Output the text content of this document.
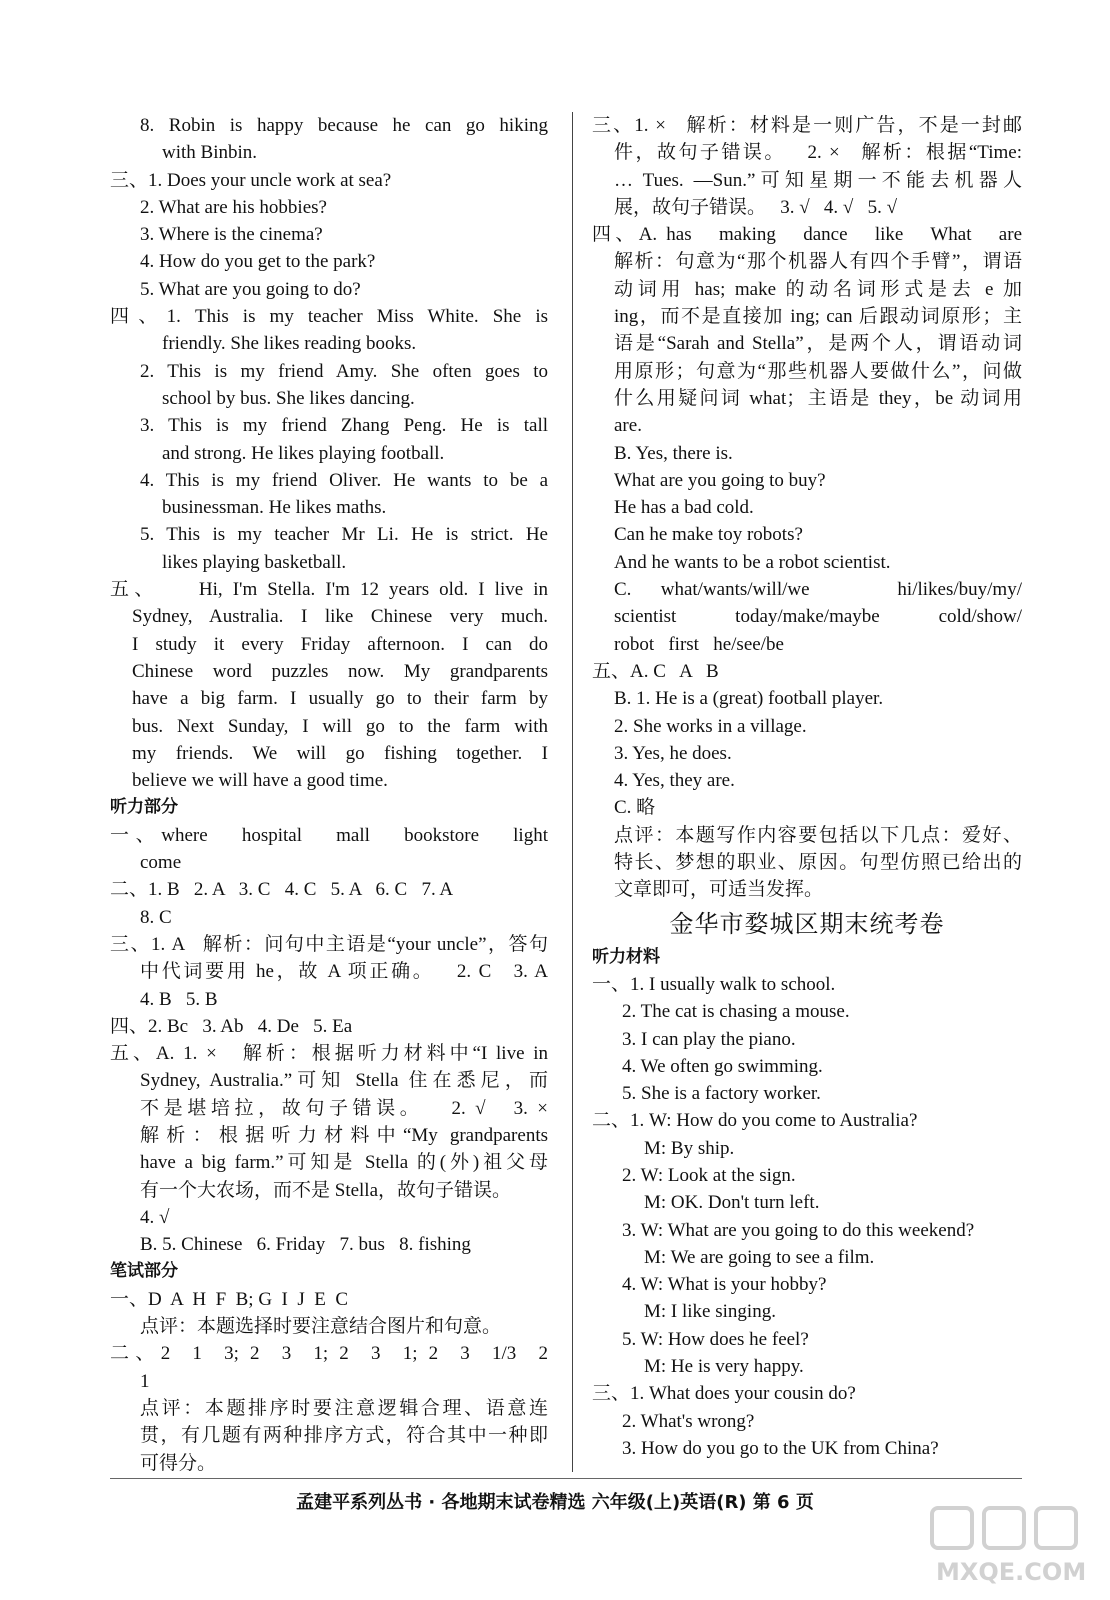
8. Robin is happy because he can go hiking
with Binbin.
三、1. Does your uncle work at sea?
2. What are his hobbies?
3. Where is the cinema?
4. How do you get to the park?
5. What are you going to do?
四、1. This is my teacher Miss White. She is
friendly. She likes reading books.
2. This is my friend Amy. She often goes to
school by bus. She likes dancing.
3. This is my friend Zhang Peng. He is tall
and strong. He likes playing football.
4. This is my friend Oliver. He wants to be a
businessman. He likes maths.
5. This is my teacher Mr Li. He is strict. He
likes playing basketball.
五、    Hi, I'm Stella. I'm 12 years old. I live in
Sydney, Australia. I like Chinese very much.
I study it every Friday afternoon. I can do
Chinese word puzzles now. My grandparents
have a big farm. I usually go to their farm by
bus. Next Sunday, I will go to the farm with
my friends. We will go fishing together. I
believe we will have a good time.
听力部分
一、where   hospital   mall   bookstore   light
come
二、1. B   2. A   3. C   4. C   5. A   6. C   7. A
8. C
三、1. A   解析：问句中主语是“your uncle”，答句
中代词要用 he，故 A 项正确。   2. C   3. A
4. B   5. B
四、2. Bc   3. Ab   4. De   5. Ea
五、A. 1. ×   解析：根据听力材料中“I live in
Sydney, Australia.”可知 Stella 住在悉尼，而
不是堪培拉，故句子错误。   2. √   3. ×
解析：根据听力材料中“My grandparents
have a big farm.”可知是 Stella 的(外)祖父母
有一个大农场，而不是 Stella，故句子错误。
4. √
B. 5. Chinese   6. Friday   7. bus   8. fishing
笔试部分
一、D  A  H  F  B; G  I  J  E  C
点评：本题选择时要注意结合图片和句意。
二、2  1  3; 2  3  1; 2  3  1; 2  3  1/3  2
1
点评：本题排序时要注意逻辑合理、语意连
贯，有几题有两种排序方式，符合其中一种即
可得分。
三、1. ×   解析：材料是一则广告，不是一封邮
件，故句子错误。   2. ×   解析：根据“Time:
… Tues. —Sun.”可知星期一不能去机器人
展，故句子错误。   3. √   4. √   5. √
四、A. has   making   dance   like   What   are
解析：句意为“那个机器人有四个手臂”，谓语
动词用 has; make 的动名词形式是去 e 加
ing，而不是直接加 ing; can 后跟动词原形；主
语是“Sarah and Stella”，是两个人，谓语动词
用原形；句意为“那些机器人要做什么”，问做
什么用疑问词 what；主语是 they，be 动词用
are.
B. Yes, there is.
What are you going to buy?
He has a bad cold.
Can he make toy robots?
And he wants to be a robot scientist.
C. what/wants/will/we   hi/likes/buy/my/
scientist   today/make/maybe   cold/show/
robot   first   he/see/be
五、A. C   A   B
B. 1. He is a (great) football player.
2. She works in a village.
3. Yes, he does.
4. Yes, they are.
C. 略
点评：本题写作内容要包括以下几点：爱好、
特长、梦想的职业、原因。句型仿照已给出的
文章即可，可适当发挥。
金华市婺城区期末统考卷
听力材料
一、1. I usually walk to school.
2. The cat is chasing a mouse.
3. I can play the piano.
4. We often go swimming.
5. She is a factory worker.
二、1. W: How do you come to Australia?
M: By ship.
2. W: Look at the sign.
M: OK. Don't turn left.
3. W: What are you going to do this weekend?
M: We are going to see a film.
4. W: What is your hobby?
M: I like singing.
5. W: How does he feel?
M: He is very happy.
三、1. What does your cousin do?
2. What's wrong?
3. How do you go to the UK from China?
孟建平系列丛书 · 各地期末试卷精选 六年级(上)英语(R) 第 6 页
MXQE.COM
